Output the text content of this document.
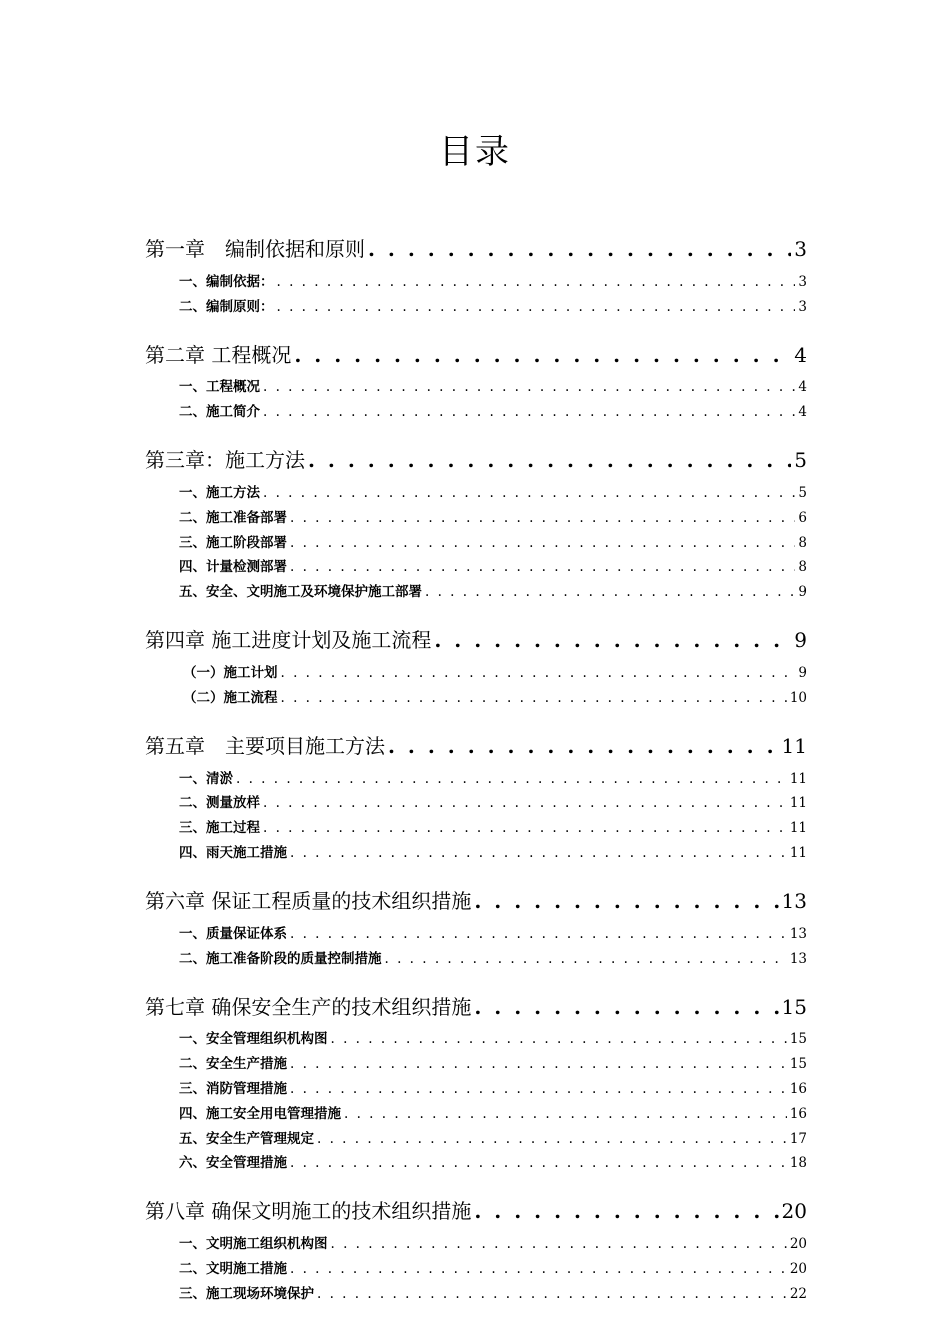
目录
第一章　编制依据和原则 . . .	3
一、编制依据： . . .	3
二、编制原则： . . .	3
第二章 工程概况 . . .	4
一、工程概况 . . .	4
二、施工简介 . . .	4
第三章：施工方法 . . .	5
一、施工方法 . . .	5
二、施工准备部署 . . .	6
三、施工阶段部署 . . .	8
四、计量检测部署 . . .	8
五、安全、文明施工及环境保护施工部署 . . .	9
第四章 施工进度计划及施工流程 . . .	9
（一）施工计划 . . .	9
（二）施工流程 . . .	10
第五章　主要项目施工方法 . . .	11
一、清淤 . . .	11
二、测量放样 . . .	11
三、施工过程 . . .	11
四、雨天施工措施 . . .	11
第六章 保证工程质量的技术组织措施 . . .	13
一、质量保证体系 . . .	13
二、施工准备阶段的质量控制措施 . . .	13
第七章 确保安全生产的技术组织措施 . . .	15
一、安全管理组织机构图 . . .	15
二、安全生产措施 . . .	15
三、消防管理措施 . . .	16
四、施工安全用电管理措施 . . .	16
五、安全生产管理规定 . . .	17
六、安全管理措施 . . .	18
第八章 确保文明施工的技术组织措施 . . .	20
一、文明施工组织机构图 . . .	20
二、文明施工措施 . . .	20
三、施工现场环境保护 . . .	22
